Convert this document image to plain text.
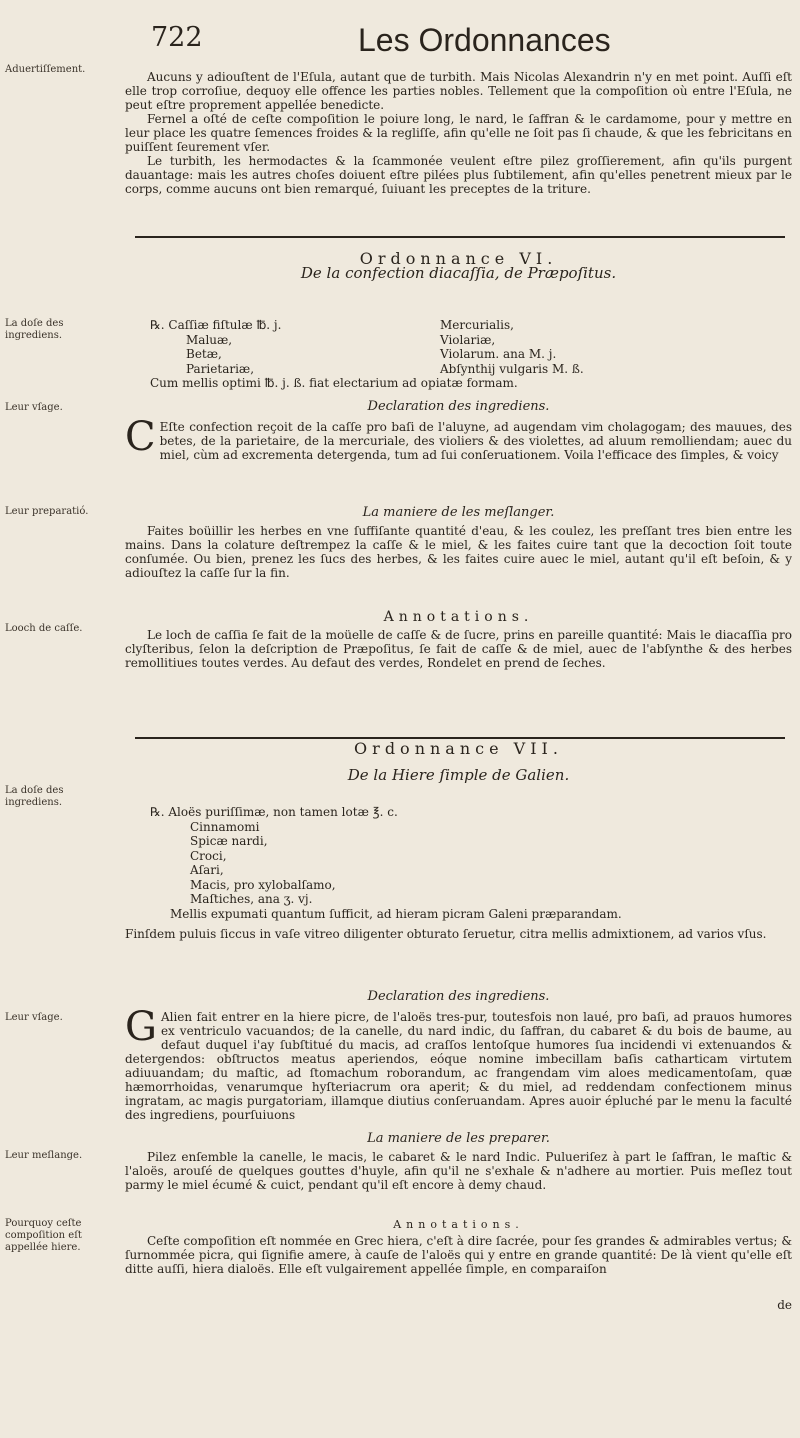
722	Les Ordonnances
Aduertiſſement.
La doſe des ingrediens.
Leur vſage.
Leur preparatió.
Looch de caſſe.
La doſe des ingrediens.
Leur vſage.
Leur meſlange.
Pourquoy ceſte compoſition eſt appellée hiere.

Aucuns y adiouſtent de l'Eſula, autant que de turbith. Mais Nicolas Alexandrin n'y en met point. Auſſi eſt elle trop corroſiue, dequoy elle offence les parties nobles. Tellement que la compoſition où entre l'Eſula, ne peut eſtre proprement appellée benedicte.

Fernel a oſté de ceſte compoſition le poiure long, le nard, le ſaffran & le cardamome, pour y mettre en leur place les quatre ſemences froides & la regliſſe, afin qu'elle ne ſoit pas ſi chaude, & que les febricitans en puiſſent ſeurement vſer.

Le turbith, les hermodactes & la ſcammonée veulent eſtre pilez groſſierement, afin qu'ils purgent dauantage: mais les autres choſes doiuent eſtre pilées plus ſubtilement, afin qu'elles penetrent mieux par le corps, comme aucuns ont bien remarqué, ſuiuant les preceptes de la triture.

Ordonnance VI.
De la confection diacaſſia, de Præpoſitus.
℞. Caſſiæ fiſtulæ ℔. j.
Maluæ,
Betæ,
Parietariæ,
Mercurialis,
Violariæ,
Violarum. ana M. j.
Abſynthij vulgaris M. ß.
Cum mellis optimi ℔. j. ß. fiat electarium ad opiatæ formam.
Declaration des ingrediens.

C Eſte confection reçoit de la caſſe pro baſi de l'aluyne, ad augendam vim cholagogam; des mauues, des betes, de la parietaire, de la mercuriale, des violiers & des violettes, ad aluum remolliendam; auec du miel, cùm ad excrementa detergenda, tum ad ſui conſeruationem. Voila l'efficace des ſimples, & voicy

La maniere de les meſlanger.

Faites boüillir les herbes en vne ſuffiſante quantité d'eau, & les coulez, les preſſant tres bien entre les mains. Dans la colature deſtrempez la caſſe & le miel, & les faites cuire tant que la decoction ſoit toute conſumée. Ou bien, prenez les ſucs des herbes, & les faites cuire auec le miel, autant qu'il eſt beſoin, & y adiouſtez la caſſe ſur la fin.

Annotations.

Le loch de caſſia ſe fait de la moüelle de caſſe & de ſucre, prins en pareille quantité: Mais le diacaſſia pro clyſteribus, ſelon la deſcription de Præpoſitus, ſe fait de caſſe & de miel, auec de l'abſynthe & des herbes remollitiues toutes verdes. Au defaut des verdes, Rondelet en prend de ſeches.

Ordonnance VII.
De la Hiere ſimple de Galien.
℞. Aloës puriſſimæ, non tamen lotæ ℥. c.
Cinnamomi
Spicæ nardi,
Croci,
Aſari,
Macis, pro xylobalſamo,
Maſtiches, ana ʒ. vj.
Mellis expumati quantum ſufficit, ad hieram picram Galeni præparandam.

Finſdem puluis ſiccus in vaſe vitreo diligenter obturato ſeruetur, citra mellis admixtionem, ad varios vſus.

Declaration des ingrediens.

G Alien fait entrer en la hiere picre, de l'aloës tres-pur, toutesfois non laué, pro baſi, ad prauos humores ex ventriculo vacuandos; de la canelle, du nard indic, du ſaffran, du cabaret & du bois de baume, au defaut duquel i'ay ſubſtitué du macis, ad craſſos lentoſque humores ſua incidendi vi extenuandos & detergendos: obſtructos meatus aperiendos, eóque nomine imbecillam baſis catharticam virtutem adiuuandam; du maſtic, ad ſtomachum roborandum, ac frangendam vim aloes medicamentoſam, quæ hæmorrhoidas, venarumque hyſteriacrum ora aperit; & du miel, ad reddendam confectionem minus ingratam, ac magis purgatoriam, illamque diutius conſeruandam. Apres auoir épluché par le menu la faculté des ingrediens, pourſuiuons

La maniere de les preparer.

Pilez enſemble la canelle, le macis, le cabaret & le nard Indic. Pulueriſez à part le ſaffran, le maſtic & l'aloës, arouſé de quelques gouttes d'huyle, afin qu'il ne s'exhale & n'adhere au mortier. Puis meſlez tout parmy le miel écumé & cuict, pendant qu'il eſt encore à demy chaud.

Annotations.

Ceſte compoſition eſt nommée en Grec hiera, c'eſt à dire ſacrée, pour ſes grandes & admirables vertus; & ſurnommée picra, qui ſignifie amere, à cauſe de l'aloës qui y entre en grande quantité: De là vient qu'elle eſt ditte auſſi, hiera dialoës. Elle eſt vulgairement appellée ſimple, en comparaiſon

de
